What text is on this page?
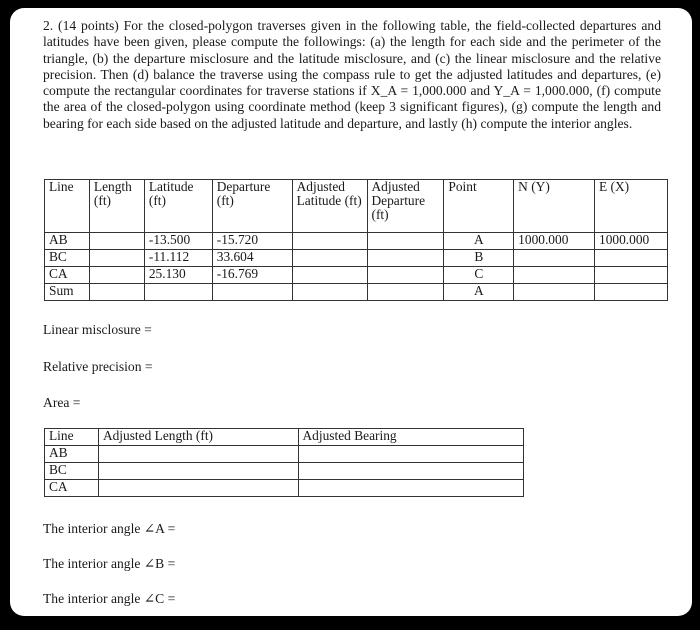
2. (14 points) For the closed-polygon traverses given in the following table, the field-collected departures and latitudes have been given, please compute the followings: (a) the length for each side and the perimeter of the triangle, (b) the departure misclosure and the latitude misclosure, and (c) the linear misclosure and the relative precision. Then (d) balance the traverse using the compass rule to get the adjusted latitudes and departures, (e) compute the rectangular coordinates for traverse stations if X_A = 1,000.000 and Y_A = 1,000.000, (f) compute the area of the closed-polygon using coordinate method (keep 3 significant figures), (g) compute the length and bearing for each side based on the adjusted latitude and departure, and lastly (h) compute the interior angles.

Line	Length (ft)	Latitude (ft)	Departure (ft)	Adjusted Latitude (ft)	Adjusted Departure (ft)	Point	N (Y)	E (X)
AB		-13.500	-15.720			A	1000.000	1000.000
BC		-11.112	33.604			B		
CA		25.130	-16.769			C		
Sum						A		

Linear misclosure =

Relative precision =

Area =

Line	Adjusted Length (ft)	Adjusted Bearing
AB		
BC		
CA		

The interior angle ∠A =

The interior angle ∠B =

The interior angle ∠C =
